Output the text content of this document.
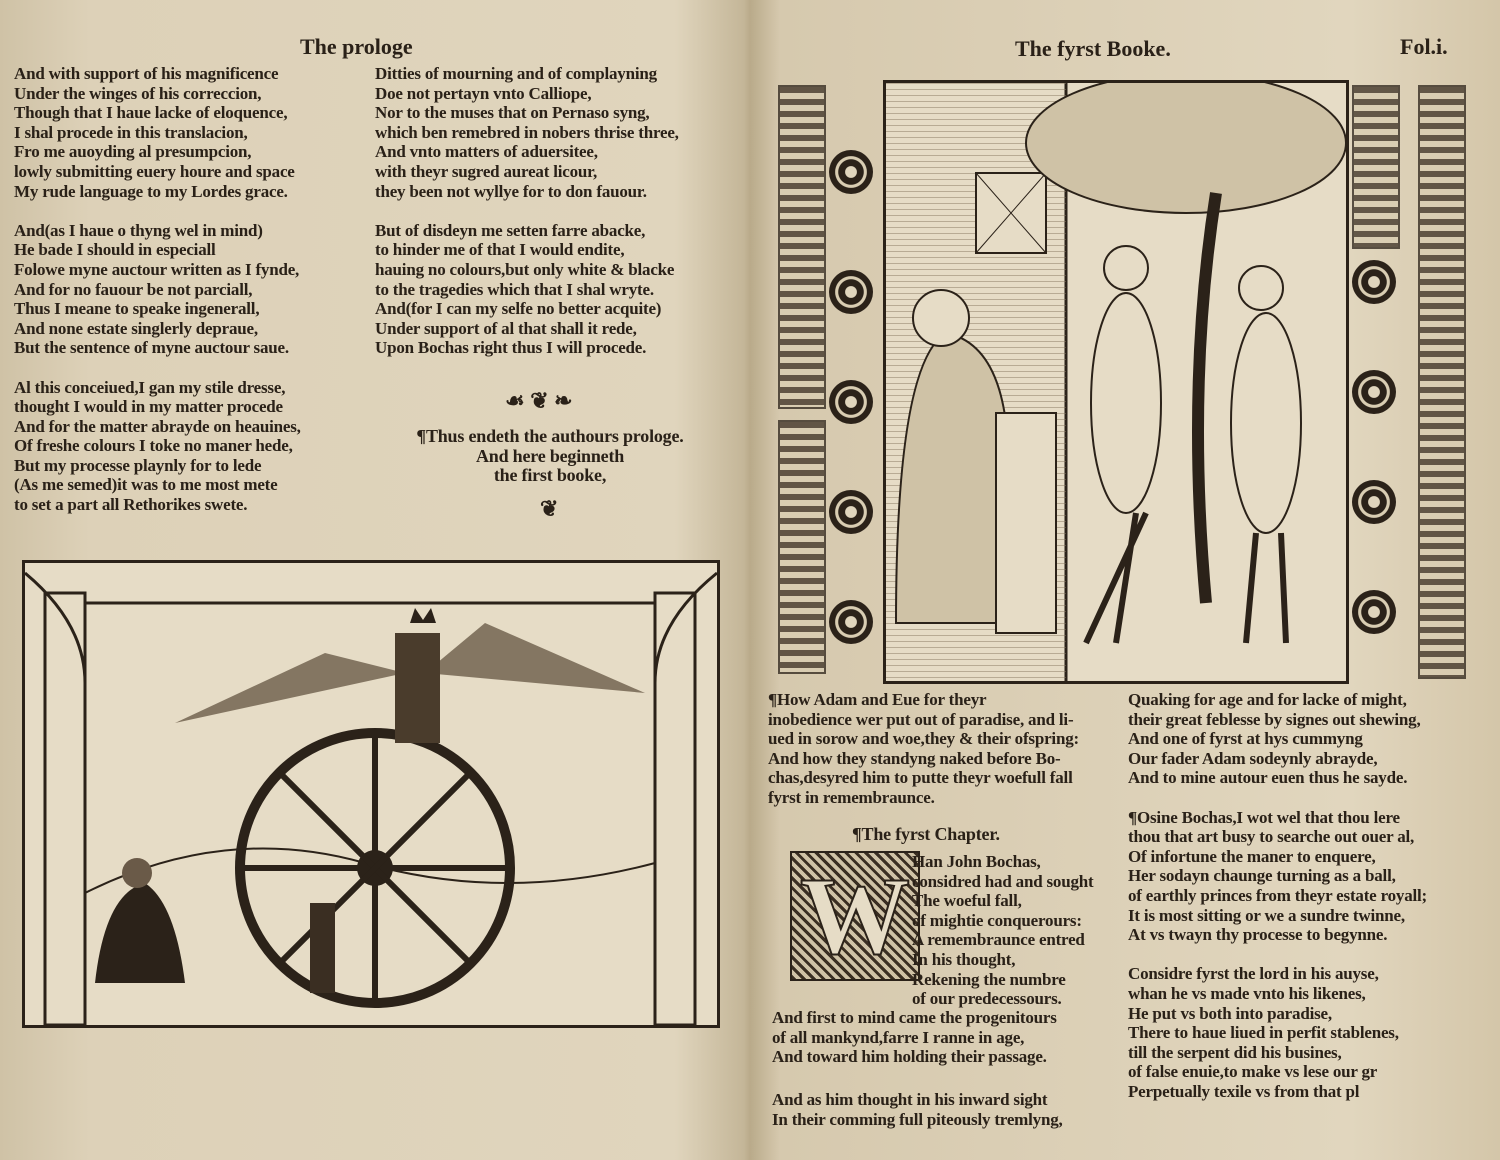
The prologe
And with support of his magnificence
Under the winges of his correccion,
Though that I haue lacke of eloquence,
I shal procede in this translacion,
Fro me auoyding al presumpcion,
lowly submitting euery houre and space
My rude language to my Lordes grace.
And(as I haue o thyng wel in mind)
He bade I should in especiall
Folowe myne auctour written as I fynde,
And for no fauour be not parciall,
Thus I meane to speake ingenerall,
And none estate singlerly depraue,
But the sentence of myne auctour saue.
Al this conceiued,I gan my stile dresse,
thought I would in my matter procede
And for the matter abrayde on heauines,
Of freshe colours I toke no maner hede,
But my processe playnly for to lede
(As me semed)it was to me most mete
to set a part all Rethorikes swete.
Ditties of mourning and of complayning
Doe not pertayn vnto Calliope,
Nor to the muses that on Pernaso syng,
which ben remebred in nobers thrise three,
And vnto matters of aduersitee,
with theyr sugred aureat licour,
they been not wyllye for to don fauour.
But of disdeyn me setten farre abacke,
to hinder me of that I would endite,
hauing no colours,but only white & blacke
to the tragedies which that I shal wryte.
And(for I can my selfe no better acquite)
Under support of al that shall it rede,
Upon Bochas right thus I will procede.
☙ ❦ ❧
¶Thus endeth the authours prologe.
And here beginneth
the first booke,
❦
The fyrst Booke.	Fol.i.
¶How Adam and Eue for theyr
inobedience wer put out of paradise, and li-
ued in sorow and woe,they & their ofspring:
And how they standyng naked before Bo-
chas,desyred him to putte theyr woefull fall
fyrst in remembraunce.
¶The fyrst Chapter.
W Han John Bochas,
considred had and sought
The woeful fall,
of mightie conquerours:
A remembraunce entred
In his thought,
Rekening the numbre
of our predecessours.
And first to mind came the progenitours
of all mankynd,farre I ranne in age,
And toward him holding their passage.
And as him thought in his inward sight
In their comming full piteously tremlyng,
Quaking for age and for lacke of might,
their great feblesse by signes out shewing,
And one of fyrst at hys cummyng
Our fader Adam sodeynly abrayde,
And to mine autour euen thus he sayde.
¶Osine Bochas,I wot wel that thou lere
thou that art busy to searche out ouer al,
Of infortune the maner to enquere,
Her sodayn chaunge turning as a ball,
of earthly princes from theyr estate royall;
It is most sitting or we a sundre twinne,
At vs twayn thy processe to begynne.
Considre fyrst the lord in his auyse,
whan he vs made vnto his likenes,
He put vs both into paradise,
There to haue liued in perfit stablenes,
till the serpent did his busines,
of false enuie,to make vs lese our gr
Perpetually texile vs from that pl
